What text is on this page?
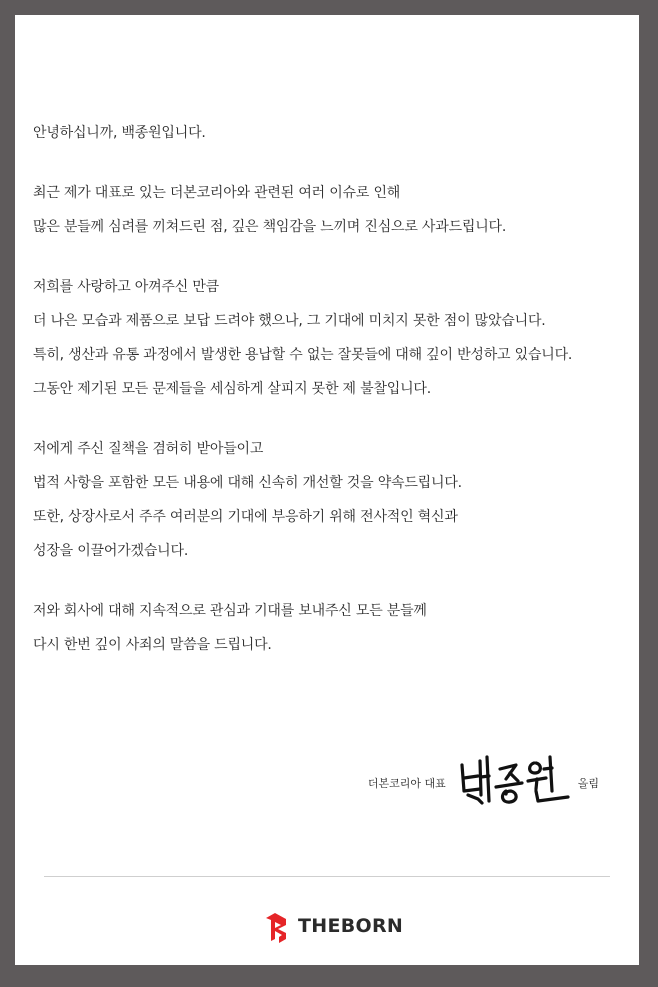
안녕하십니까, 백종원입니다.
최근 제가 대표로 있는 더본코리아와 관련된 여러 이슈로 인해
많은 분들께 심려를 끼쳐드린 점, 깊은 책임감을 느끼며 진심으로 사과드립니다.
저희를 사랑하고 아껴주신 만큼
더 나은 모습과 제품으로 보답 드려야 했으나, 그 기대에 미치지 못한 점이 많았습니다.
특히, 생산과 유통 과정에서 발생한 용납할 수 없는 잘못들에 대해 깊이 반성하고 있습니다.
그동안 제기된 모든 문제들을 세심하게 살피지 못한 제 불찰입니다.
저에게 주신 질책을 겸허히 받아들이고
법적 사항을 포함한 모든 내용에 대해 신속히 개선할 것을 약속드립니다.
또한, 상장사로서 주주 여러분의 기대에 부응하기 위해 전사적인 혁신과
성장을 이끌어가겠습니다.
저와 회사에 대해 지속적으로 관심과 기대를 보내주신 모든 분들께
다시 한번 깊이 사죄의 말씀을 드립니다.
더본코리아 대표	올림
THEBORN
